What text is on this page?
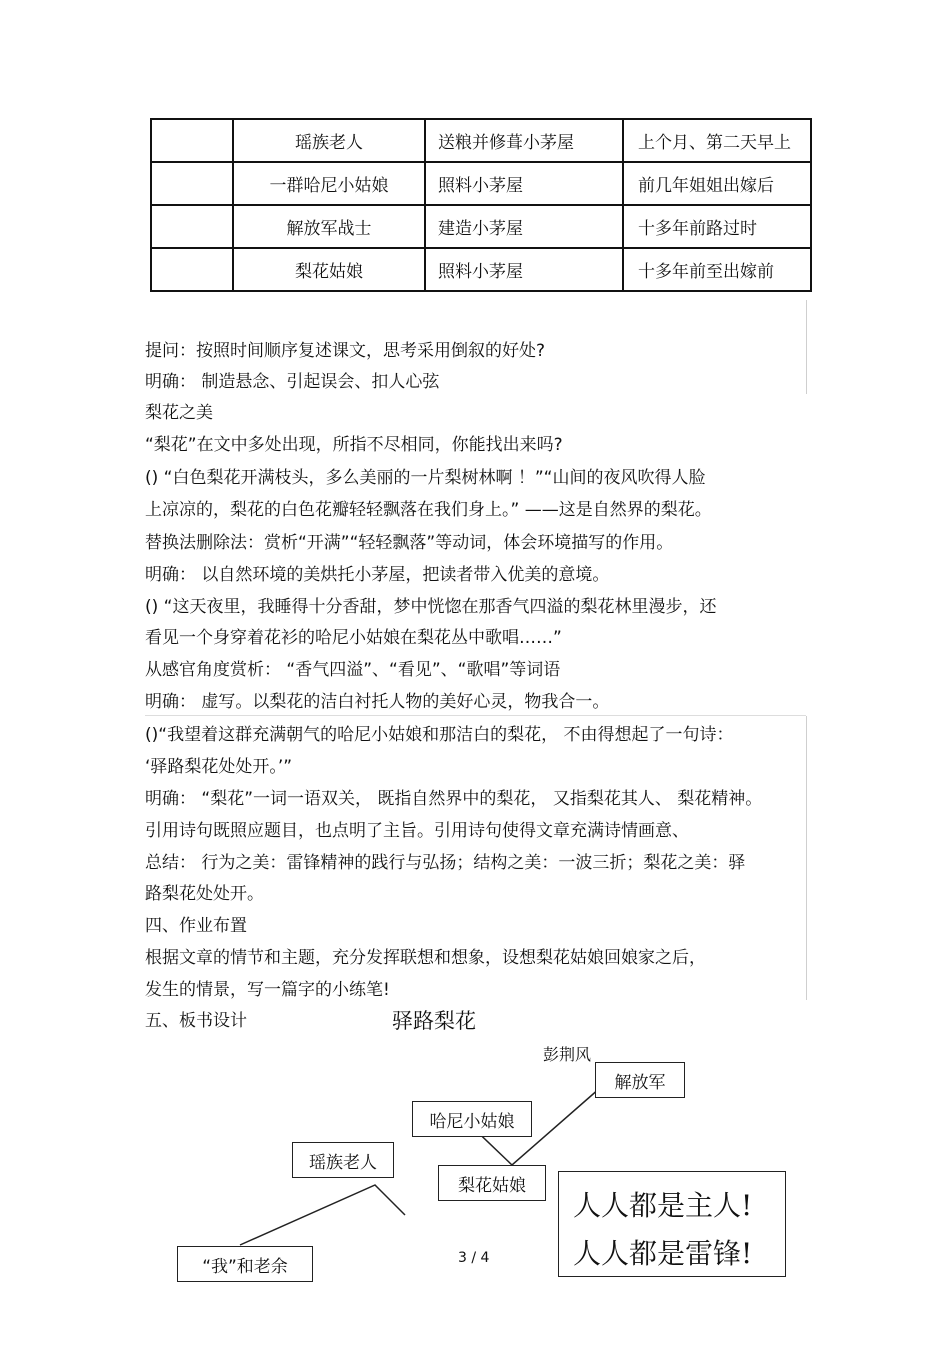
	瑶族老人	送粮并修葺小茅屋	上个月、第二天早上
	一群哈尼小姑娘	照料小茅屋	前几年姐姐出嫁后
	解放军战士	建造小茅屋	十多年前路过时
	梨花姑娘	照料小茅屋	十多年前至出嫁前
提问：按照时间顺序复述课文，思考采用倒叙的好处?
明确： 制造悬念、引起误会、扣人心弦
梨花之美
“梨花”在文中多处出现，所指不尽相同，你能找出来吗?
() “白色梨花开满枝头，多么美丽的一片梨树林啊 ！”“山间的夜风吹得人脸
上凉凉的，梨花的白色花瓣轻轻飘落在我们身上。” ——这是自然界的梨花。
替换法删除法：赏析“开满”“轻轻飘落”等动词，体会环境描写的作用。
明确： 以自然环境的美烘托小茅屋，把读者带入优美的意境。
() “这天夜里，我睡得十分香甜，梦中恍惚在那香气四溢的梨花林里漫步，还
看见一个身穿着花衫的哈尼小姑娘在梨花丛中歌唱……”
从感官角度赏析： “香气四溢”、“看见”、“歌唱”等词语
明确： 虚写。以梨花的洁白衬托人物的美好心灵，物我合一。
()“我望着这群充满朝气的哈尼小姑娘和那洁白的梨花， 不由得想起了一句诗：
‘驿路梨花处处开。’”
明确： “梨花”一词一语双关， 既指自然界中的梨花， 又指梨花其人、 梨花精神。
引用诗句既照应题目，也点明了主旨。引用诗句使得文章充满诗情画意、
总结： 行为之美：雷锋精神的践行与弘扬；结构之美：一波三折；梨花之美：驿
路梨花处处开。
四、作业布置
根据文章的情节和主题，充分发挥联想和想象，设想梨花姑娘回娘家之后，
发生的情景，写一篇字的小练笔!
五、板书设计	驿路梨花
彭荆风
解放军
哈尼小姑娘
瑶族老人
梨花姑娘
“我”和老余
人人都是主人!
人人都是雷锋!
3 / 4
